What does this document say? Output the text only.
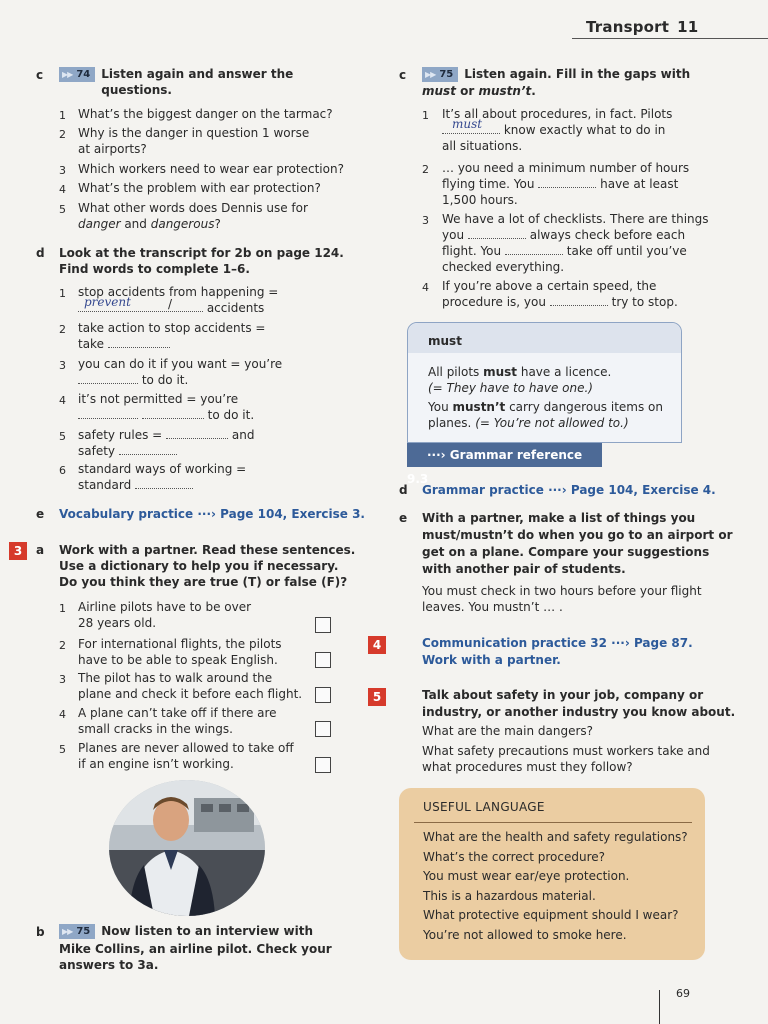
Transport 11
c	▶▶ 74 Listen again and answer the questions.
1 What’s the biggest danger on the tarmac?
2 Why is the danger in question 1 worse
at airports?
3 Which workers need to wear ear protection?
4 What’s the problem with ear protection?
5 What other words does Dennis use for
danger and dangerous?
d Look at the transcript for 2b on page 124.
Find words to complete 1–6.
1 stop accidents from happening =
prevent	/	accidents
2 take action to stop accidents =
take
3 you can do it if you want = you’re
to do it.
4 it’s not permitted = you’re
to do it.
5 safety rules =	and
safety
6 standard ways of working =
standard
e Vocabulary practice ···› Page 104, Exercise 3.
3	a Work with a partner. Read these sentences.
Use a dictionary to help you if necessary.
Do you think they are true (T) or false (F)?
1 Airline pilots have to be over
28 years old.
2 For international flights, the pilots
have to be able to speak English.
3 The pilot has to walk around the
plane and check it before each flight.
4 A plane can’t take off if there are
small cracks in the wings.
5 Planes are never allowed to take off
if an engine isn’t working.
b	▶▶ 75 Now listen to an interview with
Mike Collins, an airline pilot. Check your
answers to 3a.
c	▶▶ 75 Listen again. Fill in the gaps with
must or mustn’t.
1 It’s all about procedures, in fact. Pilots
must know exactly what to do in
all situations.
2 … you need a minimum number of hours
flying time. You	have at least
1,500 hours.
3 We have a lot of checklists. There are things
you	always check before each
flight. You	take off until you’ve
checked everything.
4 If you’re above a certain speed, the
procedure is, you	try to stop.
must
All pilots must have a licence.
(= They have to have one.)
You mustn’t carry dangerous items on
planes. (= You’re not allowed to.)
···› Grammar reference 9.3
d Grammar practice ···› Page 104, Exercise 4.
e With a partner, make a list of things you
must/mustn’t do when you go to an airport or
get on a plane. Compare your suggestions
with another pair of students.
You must check in two hours before your flight
leaves. You mustn’t … .
4	Communication practice 32 ···› Page 87.
Work with a partner.
5	Talk about safety in your job, company or
industry, or another industry you know about.
What are the main dangers?
What safety precautions must workers take and
what procedures must they follow?
USEFUL LANGUAGE
What are the health and safety regulations?
What’s the correct procedure?
You must wear ear/eye protection.
This is a hazardous material.
What protective equipment should I wear?
You’re not allowed to smoke here.
69
